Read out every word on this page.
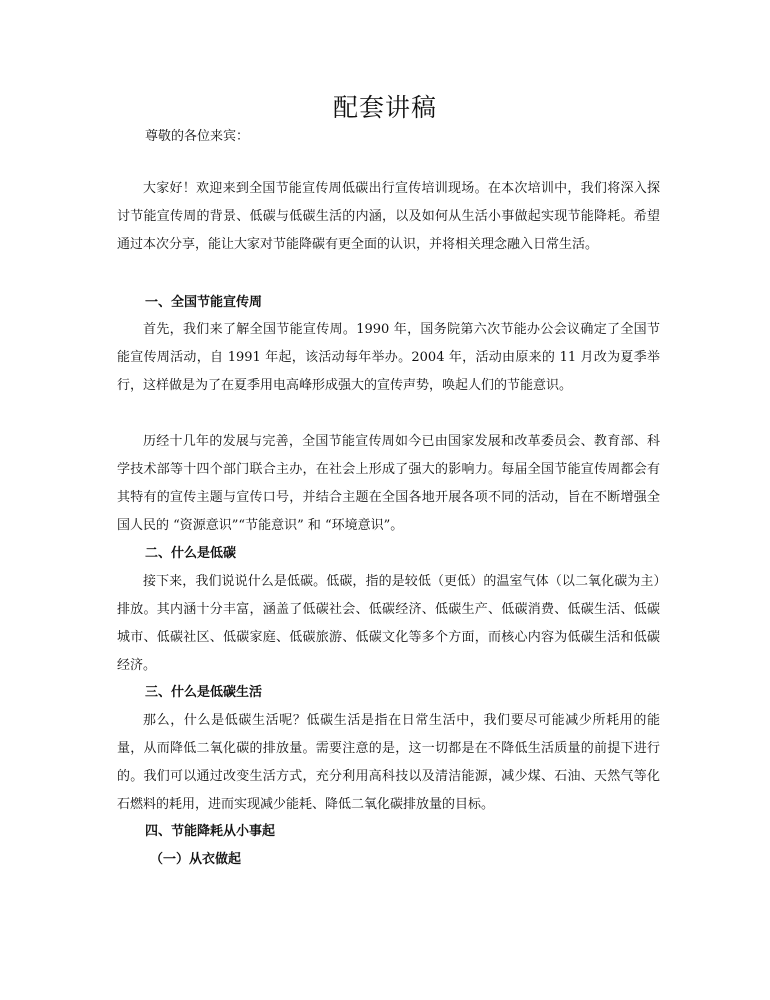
配套讲稿

尊敬的各位来宾：

大家好！欢迎来到全国节能宣传周低碳出行宣传培训现场。在本次培训中，我们将深入探讨节能宣传周的背景、低碳与低碳生活的内涵，以及如何从生活小事做起实现节能降耗。希望通过本次分享，能让大家对节能降碳有更全面的认识，并将相关理念融入日常生活。

一、全国节能宣传周

首先，我们来了解全国节能宣传周。1990 年，国务院第六次节能办公会议确定了全国节能宣传周活动，自 1991 年起，该活动每年举办。2004 年，活动由原来的 11 月改为夏季举行，这样做是为了在夏季用电高峰形成强大的宣传声势，唤起人们的节能意识。

历经十几年的发展与完善，全国节能宣传周如今已由国家发展和改革委员会、教育部、科学技术部等十四个部门联合主办，在社会上形成了强大的影响力。每届全国节能宣传周都会有其特有的宣传主题与宣传口号，并结合主题在全国各地开展各项不同的活动，旨在不断增强全国人民的 “资源意识”“节能意识” 和 “环境意识”。

二、什么是低碳

接下来，我们说说什么是低碳。低碳，指的是较低（更低）的温室气体（以二氧化碳为主）排放。其内涵十分丰富，涵盖了低碳社会、低碳经济、低碳生产、低碳消费、低碳生活、低碳城市、低碳社区、低碳家庭、低碳旅游、低碳文化等多个方面，而核心内容为低碳生活和低碳经济。

三、什么是低碳生活

那么，什么是低碳生活呢？低碳生活是指在日常生活中，我们要尽可能减少所耗用的能量，从而降低二氧化碳的排放量。需要注意的是，这一切都是在不降低生活质量的前提下进行的。我们可以通过改变生活方式，充分利用高科技以及清洁能源，减少煤、石油、天然气等化石燃料的耗用，进而实现减少能耗、降低二氧化碳排放量的目标。

四、节能降耗从小事起

（一）从衣做起
